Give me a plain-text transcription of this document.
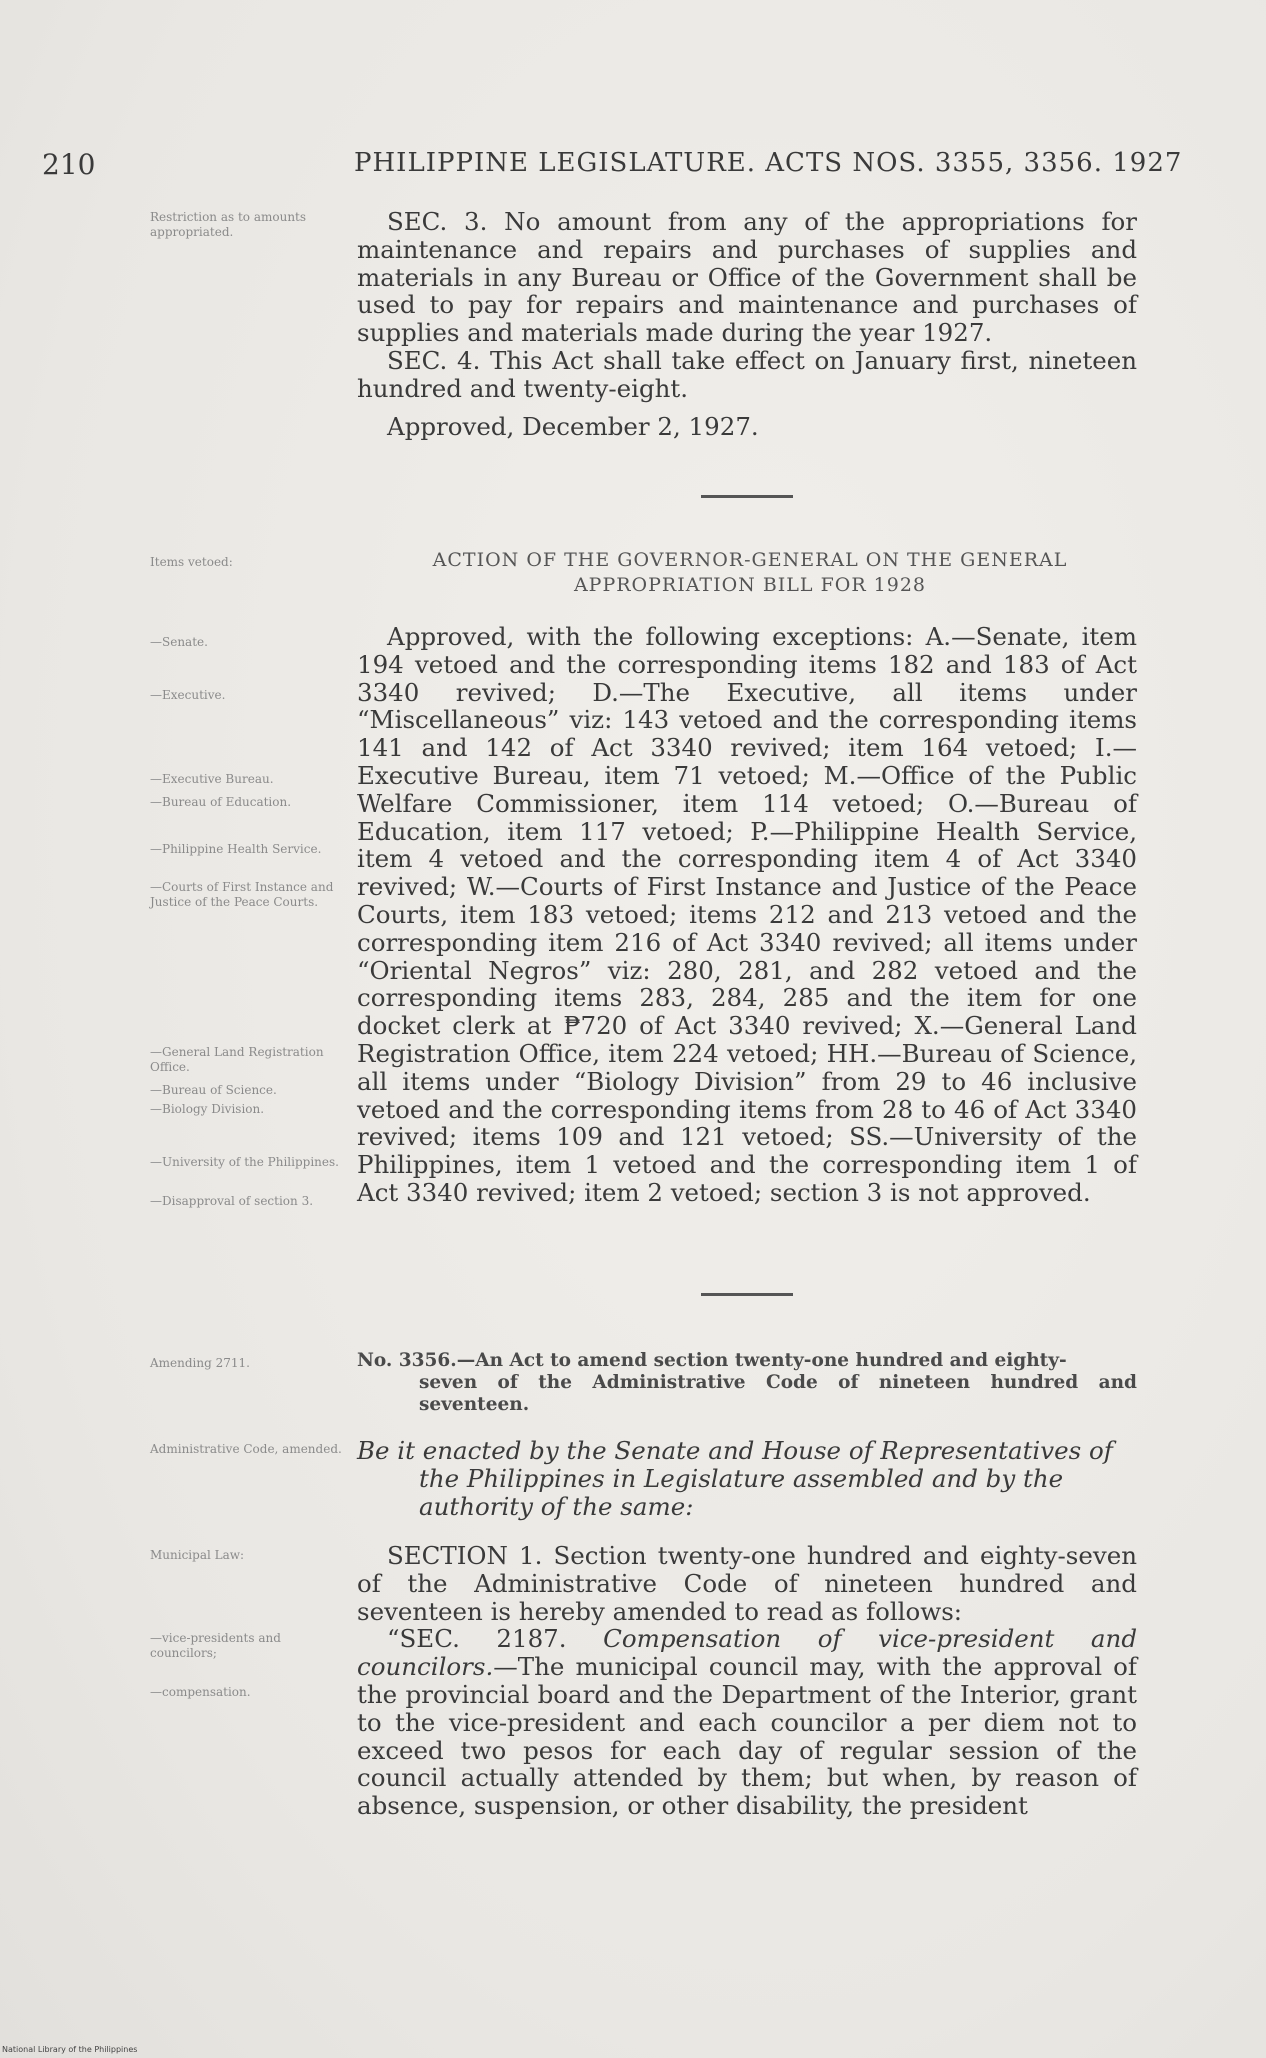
210	PHILIPPINE LEGISLATURE. ACTS NOS. 3355, 3356. 1927
Restriction as to amounts appropriated.
Items vetoed:
—Senate.
—Executive.
—Executive Bureau.
—Bureau of Education.
—Philippine Health Service.
—Courts of First Instance and Justice of the Peace Courts.
—General Land Registration Office.
—Bureau of Science.
—Biology Division.
—University of the Philippines.
—Disapproval of section 3.
Amending 2711.
Administrative Code, amended.
Municipal Law:
—vice-presidents and councilors;
—compensation.

SEC. 3. No amount from any of the appropriations for maintenance and repairs and purchases of supplies and materials in any Bureau or Office of the Government shall be used to pay for repairs and maintenance and purchases of supplies and materials made during the year 1927.

SEC. 4. This Act shall take effect on January first, nineteen hundred and twenty-eight.

Approved, December 2, 1927.

ACTION OF THE GOVERNOR-GENERAL ON THE GENERAL
APPROPRIATION BILL FOR 1928

Approved, with the following exceptions: A.—Senate, item 194 vetoed and the corresponding items 182 and 183 of Act 3340 revived; D.—The Executive, all items under “Miscellaneous” viz: 143 vetoed and the corresponding items 141 and 142 of Act 3340 revived; item 164 vetoed; I.—Executive Bureau, item 71 vetoed; M.—Office of the Public Welfare Commissioner, item 114 vetoed; O.—Bureau of Education, item 117 vetoed; P.—Philippine Health Service, item 4 vetoed and the corresponding item 4 of Act 3340 revived; W.—Courts of First Instance and Justice of the Peace Courts, item 183 vetoed; items 212 and 213 vetoed and the corresponding item 216 of Act 3340 revived; all items under “Oriental Negros” viz: 280, 281, and 282 vetoed and the corresponding items 283, 284, 285 and the item for one docket clerk at ₱720 of Act 3340 revived; X.—General Land Registration Office, item 224 vetoed; HH.—Bureau of Science, all items under “Biology Division” from 29 to 46 inclusive vetoed and the corresponding items from 28 to 46 of Act 3340 revived; items 109 and 121 vetoed; SS.—University of the Philippines, item 1 vetoed and the corresponding item 1 of Act 3340 revived; item 2 vetoed; section 3 is not approved.

No. 3356.—An Act to amend section twenty-one hundred and eighty-
seven of the Administrative Code of nineteen hundred and seventeen.
Be it enacted by the Senate and House of Representatives of
the Philippines in Legislature assembled and by the authority of the same:

SECTION 1. Section twenty-one hundred and eighty-seven of the Administrative Code of nineteen hundred and seventeen is hereby amended to read as follows:

“SEC. 2187. Compensation of vice-president and councilors.—The municipal council may, with the approval of the provincial board and the Department of the Interior, grant to the vice-president and each councilor a per diem not to exceed two pesos for each day of regular session of the council actually attended by them; but when, by reason of absence, suspension, or other disability, the president

National Library of the Philippines
